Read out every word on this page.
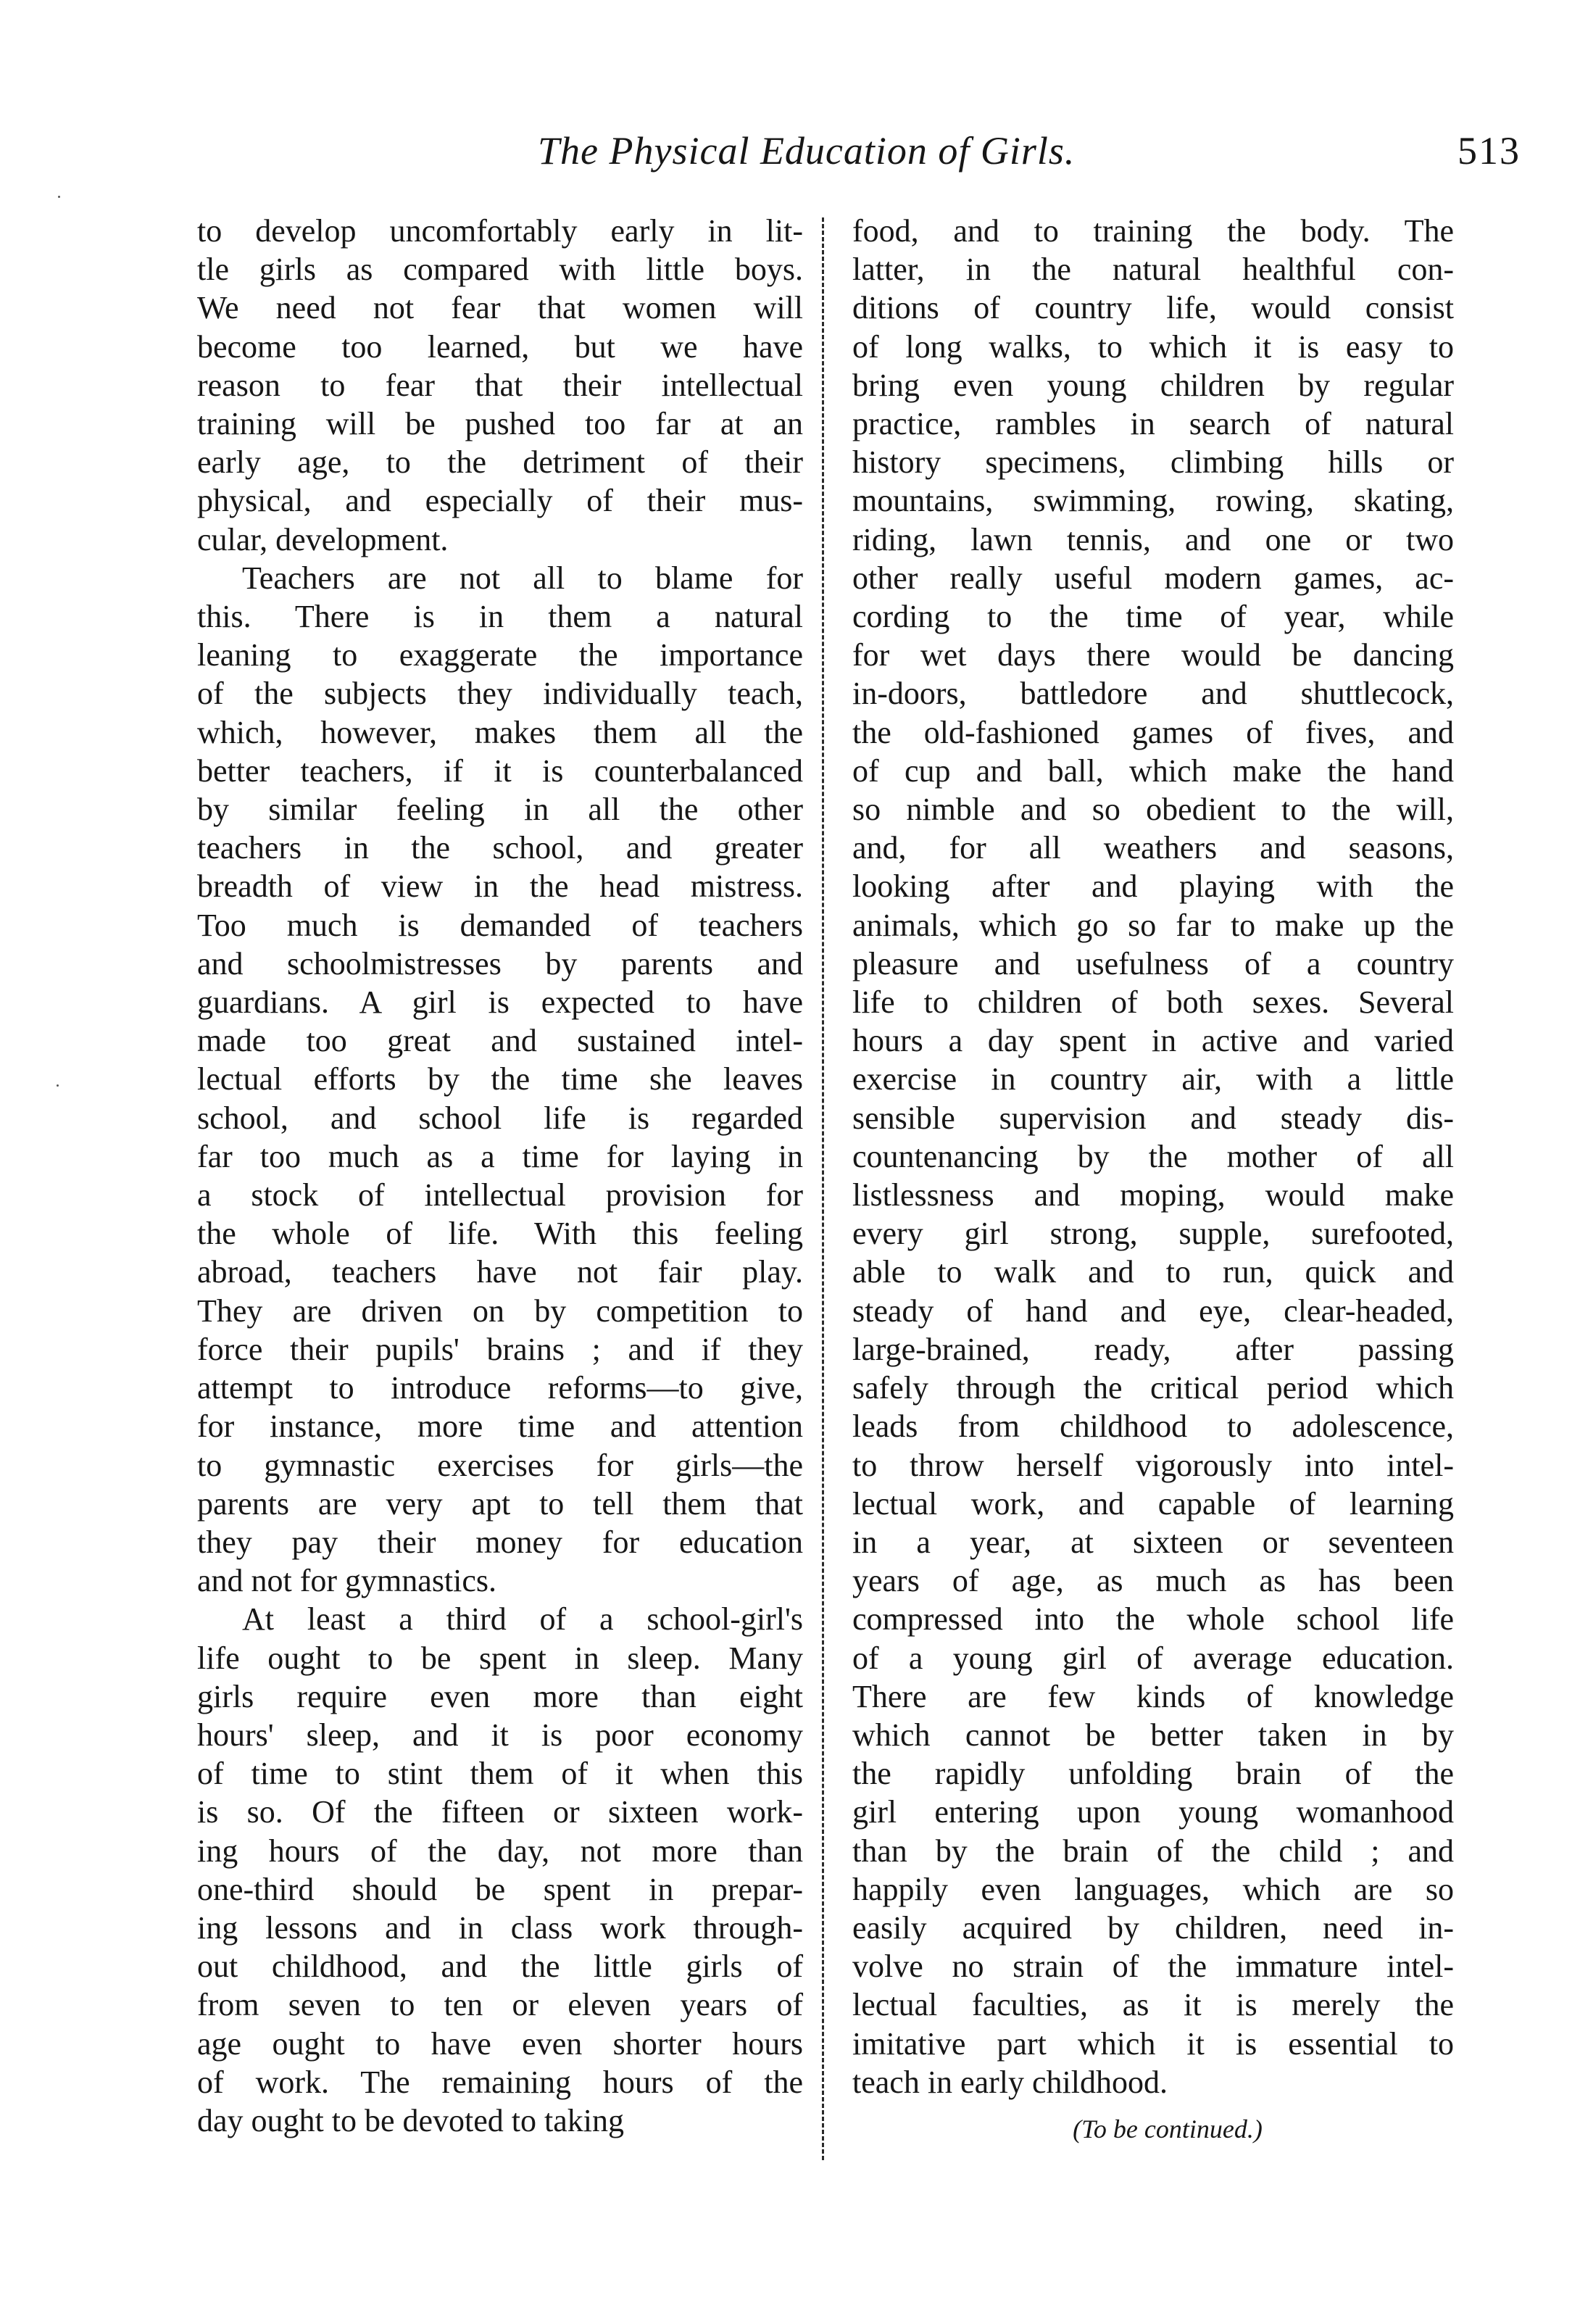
The Physical Education of Girls.	513
to develop uncomfortably early in lit-
tle girls as compared with little boys.
We need not fear that women will
become too learned, but we have
reason to fear that their intellectual
training will be pushed too far at an
early age, to the detriment of their
physical, and especially of their mus-
cular, development.
Teachers are not all to blame for
this. There is in them a natural
leaning to exaggerate the importance
of the subjects they individually teach,
which, however, makes them all the
better teachers, if it is counterbalanced
by similar feeling in all the other
teachers in the school, and greater
breadth of view in the head mistress.
Too much is demanded of teachers
and schoolmistresses by parents and
guardians. A girl is expected to have
made too great and sustained intel-
lectual efforts by the time she leaves
school, and school life is regarded
far too much as a time for laying in
a stock of intellectual provision for
the whole of life. With this feeling
abroad, teachers have not fair play.
They are driven on by competition to
force their pupils' brains ; and if they
attempt to introduce reforms—to give,
for instance, more time and attention
to gymnastic exercises for girls—the
parents are very apt to tell them that
they pay their money for education
and not for gymnastics.
At least a third of a school-girl's
life ought to be spent in sleep. Many
girls require even more than eight
hours' sleep, and it is poor economy
of time to stint them of it when this
is so. Of the fifteen or sixteen work-
ing hours of the day, not more than
one-third should be spent in prepar-
ing lessons and in class work through-
out childhood, and the little girls of
from seven to ten or eleven years of
age ought to have even shorter hours
of work. The remaining hours of the
day ought to be devoted to taking
food, and to training the body. The
latter, in the natural healthful con-
ditions of country life, would consist
of long walks, to which it is easy to
bring even young children by regular
practice, rambles in search of natural
history specimens, climbing hills or
mountains, swimming, rowing, skating,
riding, lawn tennis, and one or two
other really useful modern games, ac-
cording to the time of year, while
for wet days there would be dancing
in-doors, battledore and shuttlecock,
the old-fashioned games of fives, and
of cup and ball, which make the hand
so nimble and so obedient to the will,
and, for all weathers and seasons,
looking after and playing with the
animals, which go so far to make up the
pleasure and usefulness of a country
life to children of both sexes. Several
hours a day spent in active and varied
exercise in country air, with a little
sensible supervision and steady dis-
countenancing by the mother of all
listlessness and moping, would make
every girl strong, supple, surefooted,
able to walk and to run, quick and
steady of hand and eye, clear-headed,
large-brained, ready, after passing
safely through the critical period which
leads from childhood to adolescence,
to throw herself vigorously into intel-
lectual work, and capable of learning
in a year, at sixteen or seventeen
years of age, as much as has been
compressed into the whole school life
of a young girl of average education.
There are few kinds of knowledge
which cannot be better taken in by
the rapidly unfolding brain of the
girl entering upon young womanhood
than by the brain of the child ; and
happily even languages, which are so
easily acquired by children, need in-
volve no strain of the immature intel-
lectual faculties, as it is merely the
imitative part which it is essential to
teach in early childhood.
(To be continued.)
